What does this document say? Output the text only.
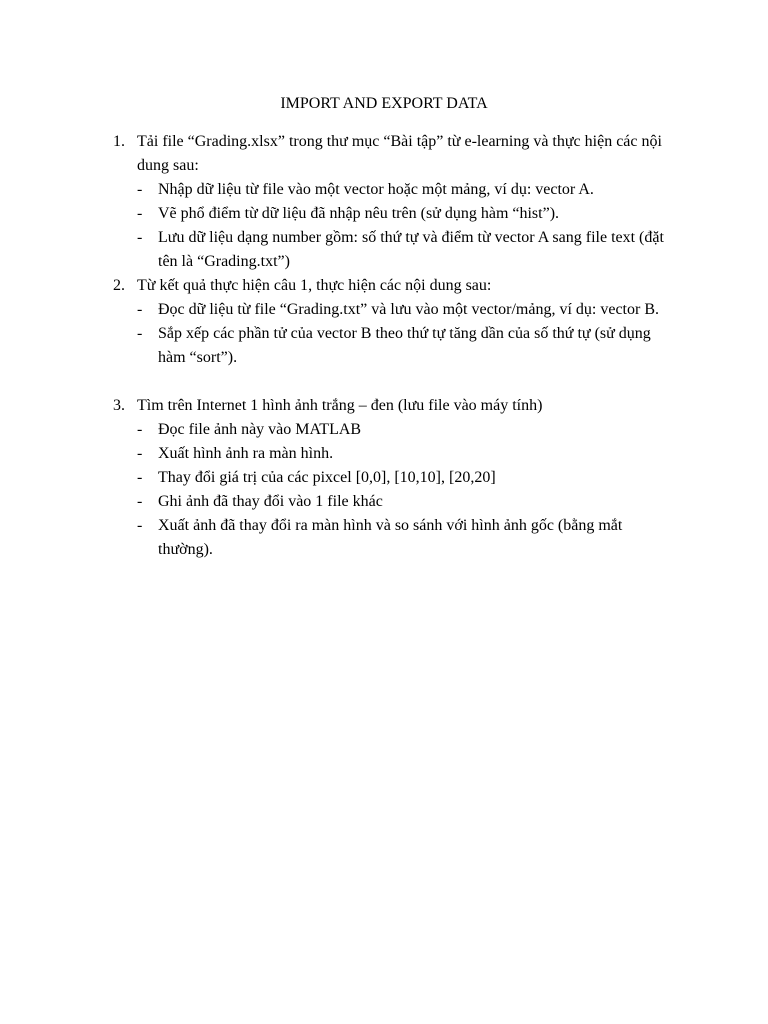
IMPORT AND EXPORT DATA
1. Tải file “Grading.xlsx” trong thư mục “Bài tập” từ e-learning và thực hiện các nội dung sau:
- Nhập dữ liệu từ file vào một vector hoặc một mảng, ví dụ: vector A.
- Vẽ phổ điểm từ dữ liệu đã nhập nêu trên (sử dụng hàm “hist”).
- Lưu dữ liệu dạng number gồm: số thứ tự và điểm từ vector A sang file text (đặt tên là “Grading.txt”)
2. Từ kết quả thực hiện câu 1, thực hiện các nội dung sau:
- Đọc dữ liệu từ file “Grading.txt” và lưu vào một vector/mảng, ví dụ: vector B.
- Sắp xếp các phần tử của vector B theo thứ tự tăng dần của số thứ tự (sử dụng hàm “sort”).
3. Tìm trên Internet 1 hình ảnh trắng – đen (lưu file vào máy tính)
- Đọc file ảnh này vào MATLAB
- Xuất hình ảnh ra màn hình.
- Thay đổi giá trị của các pixcel [0,0], [10,10], [20,20]
- Ghi ảnh đã thay đổi vào 1 file khác
- Xuất ảnh đã thay đổi ra màn hình và so sánh với hình ảnh gốc (bằng mắt thường).
